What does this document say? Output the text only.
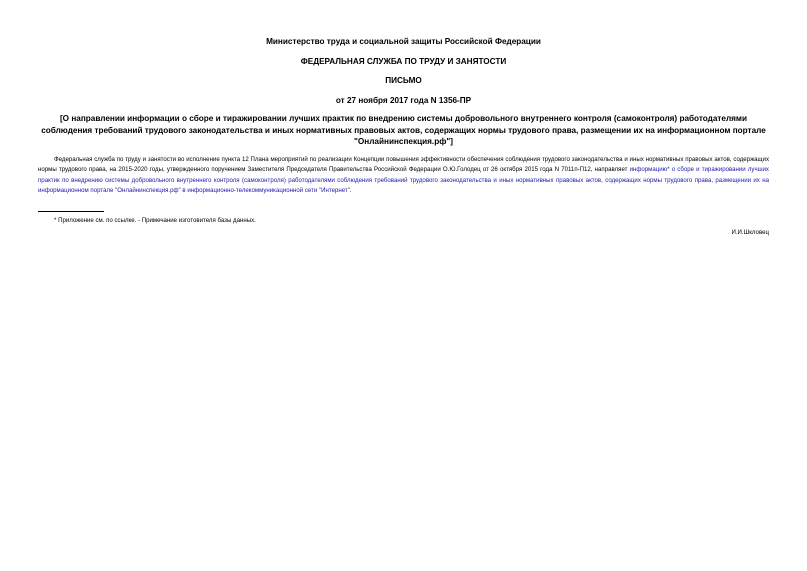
Министерство труда и социальной защиты Российской Федерации
ФЕДЕРАЛЬНАЯ СЛУЖБА ПО ТРУДУ И ЗАНЯТОСТИ
ПИСЬМО
от 27 ноября 2017 года N 1356-ПР
[О направлении информации о сборе и тиражировании лучших практик по внедрению системы добровольного внутреннего контроля (самоконтроля) работодателями соблюдения требований трудового законодательства и иных нормативных правовых актов, содержащих нормы трудового права, размещении их на информационном портале "Онлайнинспекция.рф"]
Федеральная служба по труду и занятости во исполнение пункта 12 Плана мероприятий по реализации Концепции повышения эффективности обеспечения соблюдения трудового законодательства и иных нормативных правовых актов, содержащих нормы трудового права, на 2015-2020 годы, утвержденного поручением Заместителя Председателя Правительства Российской Федерации О.Ю.Голодец от 26 октября 2015 года N 7011п-П12, направляет информацию* о сборе и тиражировании лучших практик по внедрению системы добровольного внутреннего контроля (самоконтроля) работодателями соблюдения требований трудового законодательства и иных нормативных правовых актов, содержащих нормы трудового права, размещении их на информационном портале "Онлайнинспекция.рф" в информационно-телекоммуникационной сети "Интернет".
* Приложение см. по ссылке. - Примечание изготовителя базы данных.
И.И.Шкловец
